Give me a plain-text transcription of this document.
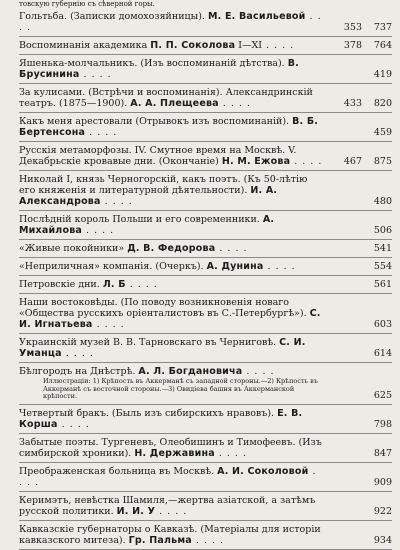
товскую губернію съ сѣверной горы.
Гольтьба. (Записки домохозяйницы). М. Е. Васильевой . . . .	353 737
Воспоминанія академика П. П. Соколова I—XI . . . .	378 764
Яшенька-молчальникъ. (Изъ воспоминаній дѣтства). В. Брусинина . . . .	419
За кулисами. (Встрѣчи и воспоминанія). Александринскій театръ. (1875—1900). А. А. Плещеева . . . .	433 820
Какъ меня арестовали (Отрывокъ изъ воспоминаній). В. Б. Бертенсона . . . .	459
Русскія метаморфозы. IV. Смутное время на Москвѣ. V. Декабрьскіе кровавые дни. (Окончаніе) Н. М. Ежова . . . .	467 875
Николай I, князь Черногорскій, какъ поэтъ. (Къ 50-лѣтію его княженія и литературной дѣятельности). И. А. Александрова . . . .	480
Послѣдній король Польши и его современники. А. Михайлова . . . .	506
«Живые покойники» Д. В. Федорова . . . .	541
«Неприличная» компанія. (Очеркъ). А. Дунина . . . .	554
Петровскіе дни. Л. Б . . . .	561
Наши востоковѣды. (По поводу возникновенія новаго «Общества русскихъ оріенталистовъ въ С.-Петербургѣ»). С. И. Игнатьева . . . .	603
Украинскій музей В. В. Тарновскаго въ Черниговѣ. С. И. Уманца . . . .	614
Бѣлгородъ на Днѣстрѣ. А. Л. Богдановича . . . .
Иллюстраціи: 1) Крѣпость въ Аккерманѣ съ западной стороны.—2) Крѣпость въ Аккерманѣ съ восточной стороны.—3) Овидіева башня въ Аккерманской крѣпости.	625
Четвертый бракъ. (Быль изъ сибирскихъ нравовъ). Е. В. Корша . . . .	798
Забытые поэты. Тургеневъ, Олеобишинъ и Тимофеевъ. (Изъ симбирской хроники). Н. Державина . . . .	847
Преображенская больница въ Москвѣ. А. И. Соколовой . . . .	909
Керимэтъ, невѣстка Шамиля,—жертва азіатской, а затѣмъ русской политики. И. И. У . . . .	922
Кавказскіе губернаторы о Кавказѣ. (Матеріалы для исторіи кавказского митеза). Гр. Пальма . . . .	934
